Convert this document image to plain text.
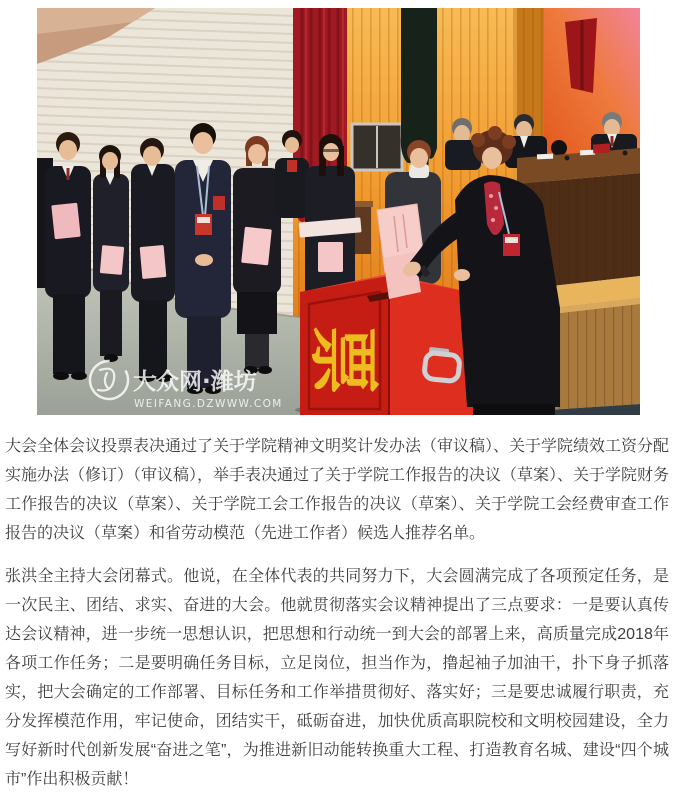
票
大众网·潍坊
WEIFANG.DZWWW.COM

大会全体会议投票表决通过了关于学院精神文明奖计发办法（审议稿）、关于学院绩效工资分配实施办法（修订）（审议稿），举手表决通过了关于学院工作报告的决议（草案）、关于学院财务工作报告的决议（草案）、关于学院工会工作报告的决议（草案）、关于学院工会经费审查工作报告的决议（草案）和省劳动模范（先进工作者）候选人推荐名单。

张洪全主持大会闭幕式。他说，在全体代表的共同努力下，大会圆满完成了各项预定任务，是一次民主、团结、求实、奋进的大会。他就贯彻落实会议精神提出了三点要求：一是要认真传达会议精神，进一步统一思想认识，把思想和行动统一到大会的部署上来，高质量完成2018年各项工作任务；二是要明确任务目标，立足岗位，担当作为，撸起袖子加油干，扑下身子抓落实，把大会确定的工作部署、目标任务和工作举措贯彻好、落实好；三是要忠诚履行职责，充分发挥模范作用，牢记使命，团结实干，砥砺奋进，加快优质高职院校和文明校园建设，全力写好新时代创新发展“奋进之笔”，为推进新旧动能转换重大工程、打造教育名城、建设“四个城市”作出积极贡献！
